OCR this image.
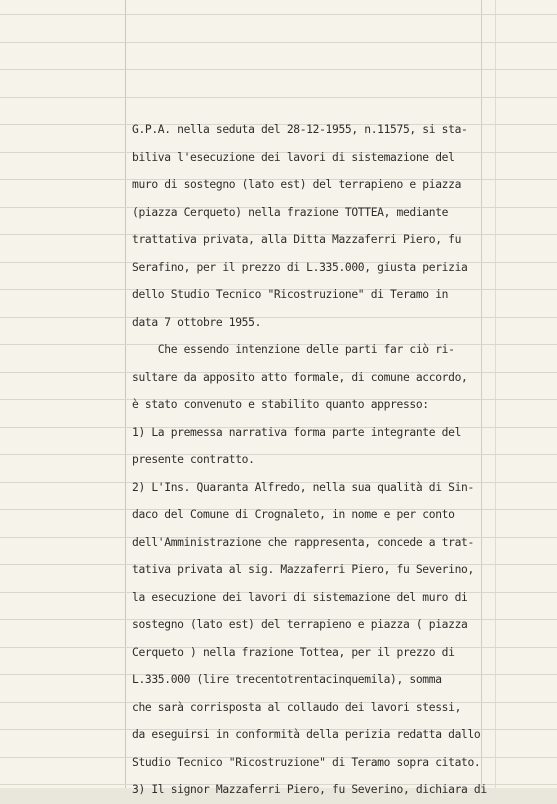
G.P.A. nella seduta del 28-12-1955, n.11575, si sta-
biliva l'esecuzione dei lavori di sistemazione del
muro di sostegno (lato est) del terrapieno e piazza
(piazza Cerqueto) nella frazione TOTTEA, mediante
trattativa privata, alla Ditta Mazzaferri Piero, fu
Serafino, per il prezzo di L.335.000, giusta perizia
dello Studio Tecnico "Ricostruzione" di Teramo in
data 7 ottobre 1955.
Che essendo intenzione delle parti far ciò ri-
sultare da apposito atto formale, di comune accordo,
è stato convenuto e stabilito quanto appresso:
1) La premessa narrativa forma parte integrante del
presente contratto.
2) L'Ins. Quaranta Alfredo, nella sua qualità di Sin-
daco del Comune di Crognaleto, in nome e per conto
dell'Amministrazione che rappresenta, concede a trat-
tativa privata al sig. Mazzaferri Piero, fu Severino,
la esecuzione dei lavori di sistemazione del muro di
sostegno (lato est) del terrapieno e piazza ( piazza
Cerqueto ) nella frazione Tottea, per il prezzo di
L.335.000 (lire trecentotrentacinquemila), somma
che sarà corrisposta al collaudo dei lavori stessi,
da eseguirsi in conformità della perizia redatta dallo
Studio Tecnico "Ricostruzione" di Teramo sopra citato.
3) Il signor Mazzaferri Piero, fu Severino, dichiara di
